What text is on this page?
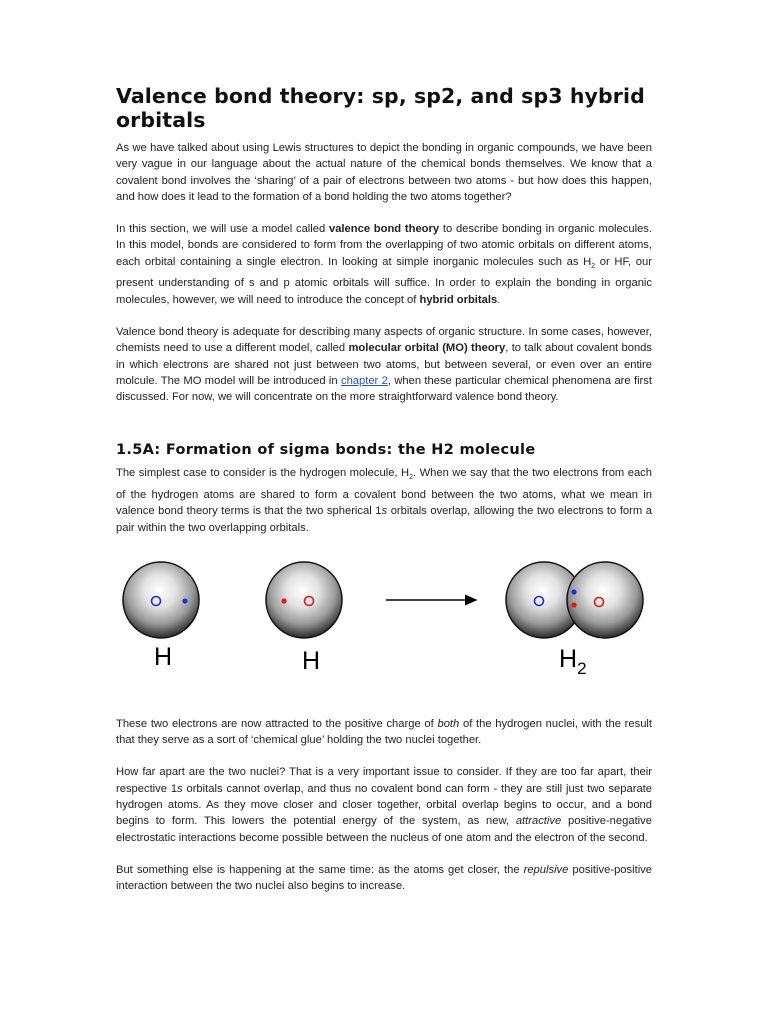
Valence bond theory: sp, sp2, and sp3 hybrid orbitals

As we have talked about using Lewis structures to depict the bonding in organic compounds, we have been very vague in our language about the actual nature of the chemical bonds themselves. We know that a covalent bond involves the ‘sharing’ of a pair of electrons between two atoms - but how does this happen, and how does it lead to the formation of a bond holding the two atoms together?

In this section, we will use a model called valence bond theory to describe bonding in organic molecules. In this model, bonds are considered to form from the overlapping of two atomic orbitals on different atoms, each orbital containing a single electron. In looking at simple inorganic molecules such as $H_2$ or HF, our present understanding of s and p atomic orbitals will suffice. In order to explain the bonding in organic molecules, however, we will need to introduce the concept of hybrid orbitals.

Valence bond theory is adequate for describing many aspects of organic structure. In some cases, however, chemists need to use a different model, called molecular orbital (MO) theory, to talk about covalent bonds in which electrons are shared not just between two atoms, but between several, or even over an entire molcule. The MO model will be introduced in chapter 2, when these particular chemical phenomena are first discussed. For now, we will concentrate on the more straightforward valence bond theory.

1.5A: Formation of sigma bonds: the H2 molecule

The simplest case to consider is the hydrogen molecule, $H_2$. When we say that the two electrons from each of the hydrogen atoms are shared to form a covalent bond between the two atoms, what we mean in valence bond theory terms is that the two spherical 1s orbitals overlap, allowing the two electrons to form a pair within the two overlapping orbitals.

H	H	$H_2$

These two electrons are now attracted to the positive charge of both of the hydrogen nuclei, with the result that they serve as a sort of ‘chemical glue’ holding the two nuclei together.

How far apart are the two nuclei? That is a very important issue to consider. If they are too far apart, their respective 1s orbitals cannot overlap, and thus no covalent bond can form - they are still just two separate hydrogen atoms. As they move closer and closer together, orbital overlap begins to occur, and a bond begins to form. This lowers the potential energy of the system, as new, attractive positive-negative electrostatic interactions become possible between the nucleus of one atom and the electron of the second.

But something else is happening at the same time: as the atoms get closer, the repulsive positive-positive interaction between the two nuclei also begins to increase.
